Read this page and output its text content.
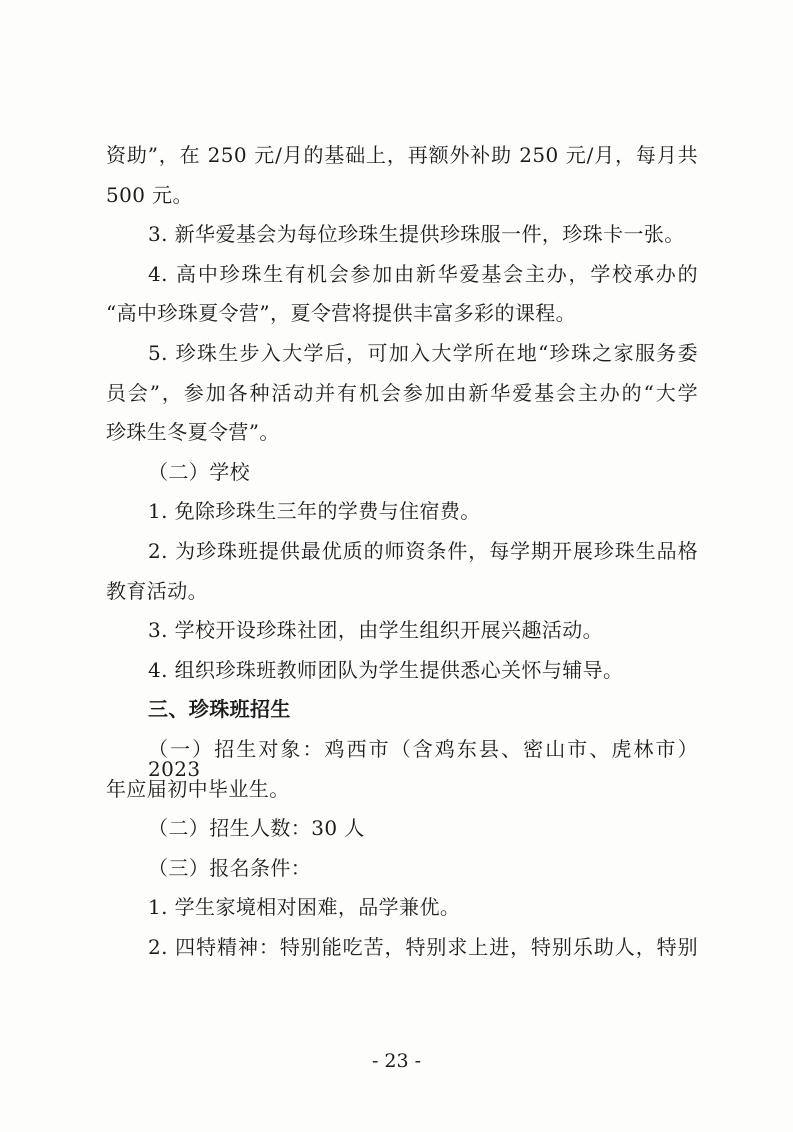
资助”，在 250 元/月的基础上，再额外补助 250 元/月，每月共
500 元。
3. 新华爱基会为每位珍珠生提供珍珠服一件，珍珠卡一张。
4. 高中珍珠生有机会参加由新华爱基会主办，学校承办的
“高中珍珠夏令营”，夏令营将提供丰富多彩的课程。
5. 珍珠生步入大学后，可加入大学所在地“珍珠之家服务委
员会”，参加各种活动并有机会参加由新华爱基会主办的“大学
珍珠生冬夏令营”。
（二）学校
1. 免除珍珠生三年的学费与住宿费。
2. 为珍珠班提供最优质的师资条件，每学期开展珍珠生品格
教育活动。
3. 学校开设珍珠社团，由学生组织开展兴趣活动。
4. 组织珍珠班教师团队为学生提供悉心关怀与辅导。
三、珍珠班招生
（一）招生对象：鸡西市（含鸡东县、密山市、虎林市）2023
年应届初中毕业生。
（二）招生人数：30 人
（三）报名条件：
1. 学生家境相对困难，品学兼优。
2. 四特精神：特别能吃苦，特别求上进，特别乐助人，特别
- 23 -
